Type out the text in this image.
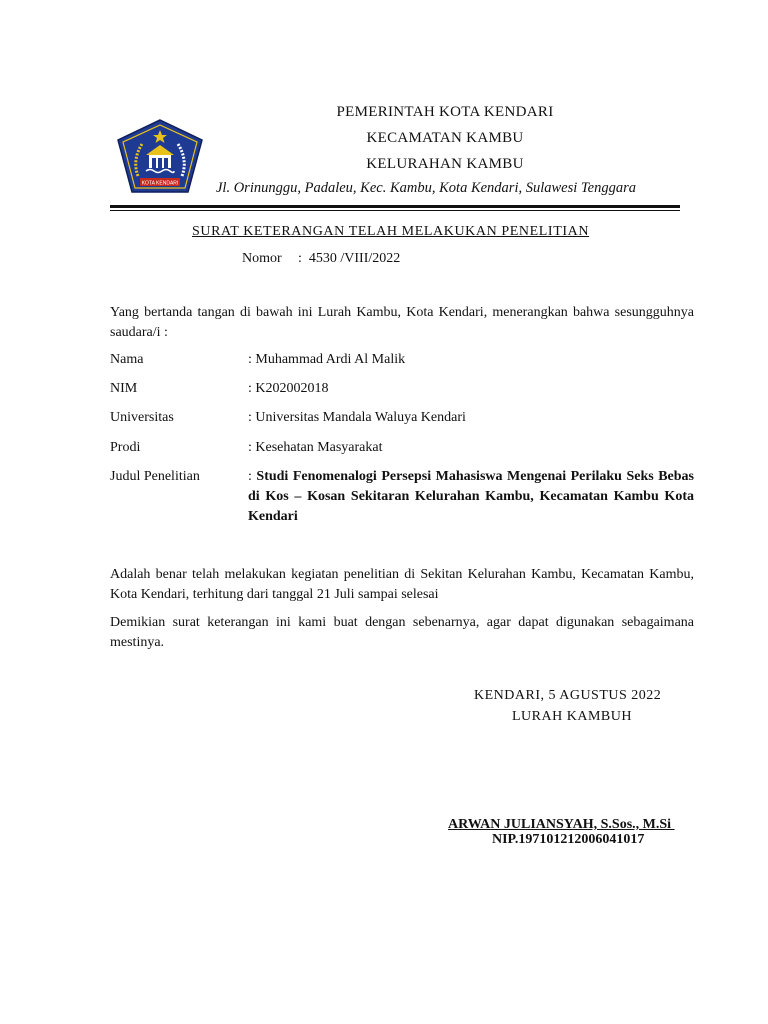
KOTA KENDARI
PEMERINTAH KOTA KENDARI
KECAMATAN KAMBU
KELURAHAN KAMBU
Jl. Orinunggu, Padaleu, Kec. Kambu, Kota Kendari, Sulawesi Tenggara
SURAT KETERANGAN TELAH MELAKUKAN PENELITIAN
Nomor : 4530 /VIII/2022
Yang bertanda tangan di bawah ini Lurah Kambu, Kota Kendari, menerangkan bahwa sesungguhnya saudara/i :
Nama	: Muhammad Ardi Al Malik
NIM	: K202002018
Universitas	: Universitas Mandala Waluya Kendari
Prodi	: Kesehatan Masyarakat
Judul Penelitian	: Studi Fenomenalogi Persepsi Mahasiswa Mengenai Perilaku Seks Bebas di Kos – Kosan Sekitaran Kelurahan Kambu, Kecamatan Kambu Kota Kendari
Adalah benar telah melakukan kegiatan penelitian di Sekitan Kelurahan Kambu, Kecamatan Kambu, Kota Kendari, terhitung dari tanggal 21 Juli sampai selesai
Demikian surat keterangan ini kami buat dengan sebenarnya, agar dapat digunakan sebagaimana mestinya.
KENDARI, 5 AGUSTUS 2022
LURAH KAMBUH
ARWAN JULIANSYAH, S.Sos., M.Si
NIP.197101212006041017
